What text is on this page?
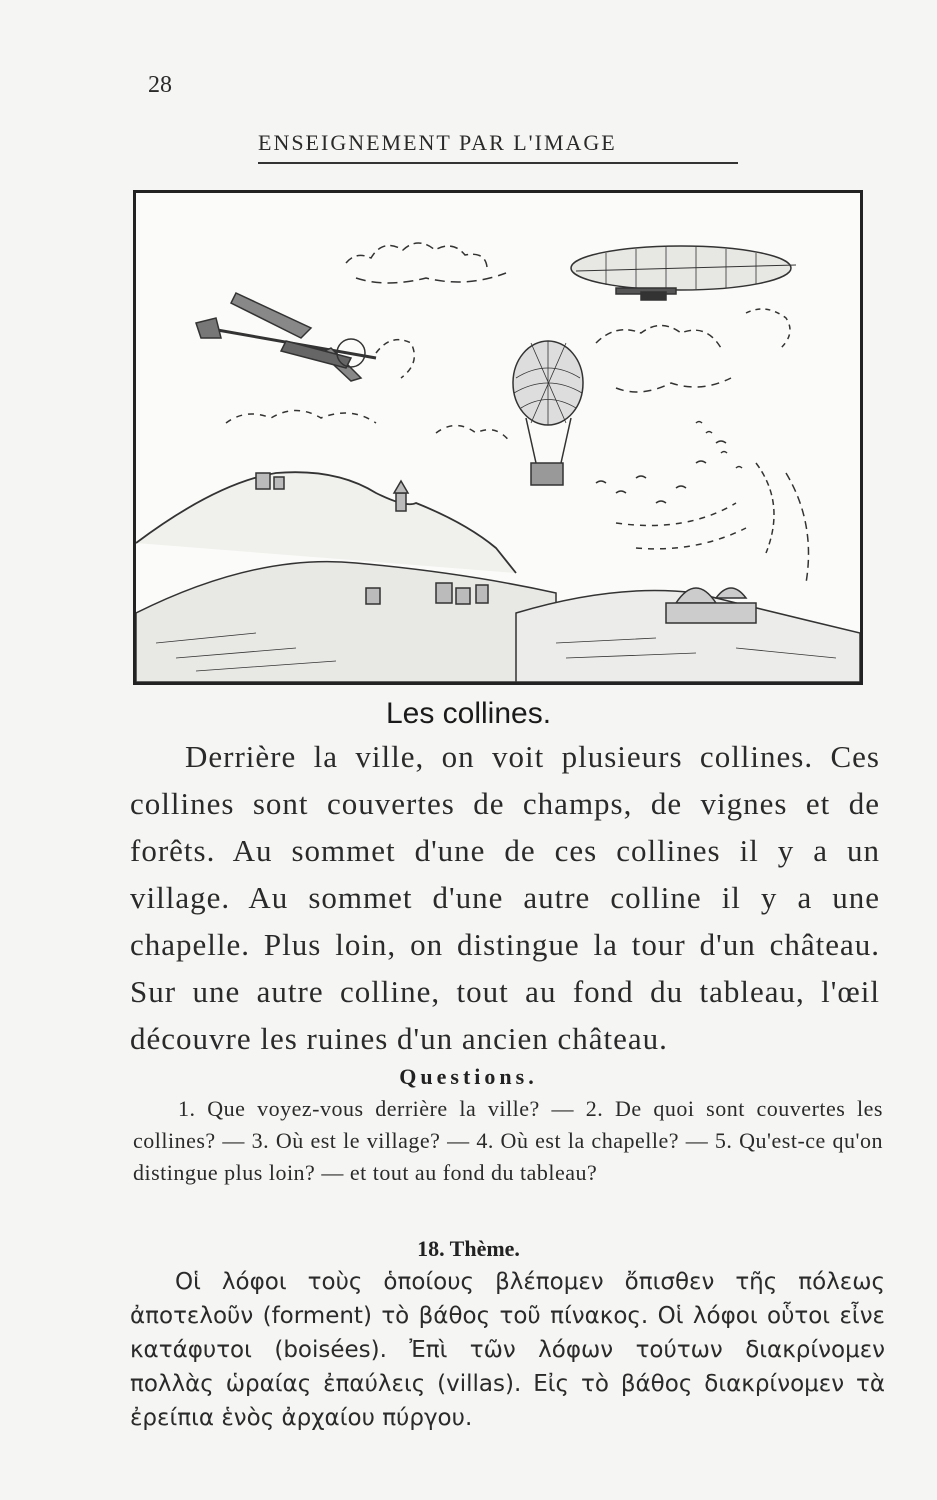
28
ENSEIGNEMENT PAR L'IMAGE
Les collines.
Derrière la ville, on voit plusieurs collines. Ces collines sont couvertes de champs, de vignes et de forêts. Au sommet d'une de ces collines il y a un village. Au sommet d'une autre colline il y a une chapelle. Plus loin, on distingue la tour d'un château. Sur une autre colline, tout au fond du tableau, l'œil découvre les ruines d'un ancien château.
Questions.
1. Que voyez-vous derrière la ville? — 2. De quoi sont couvertes les collines? — 3. Où est le village? — 4. Où est la chapelle? — 5. Qu'est-ce qu'on distingue plus loin? — et tout au fond du tableau?
18. Thème.
Οἱ λόφοι τοὺς ὁποίους βλέπομεν ὄπισθεν τῆς πόλεως ἀποτελοῦν (forment) τὸ βάθος τοῦ πίνακος. Οἱ λόφοι οὗτοι εἶνε κατάφυτοι (boisées). Ἐπὶ τῶν λόφων τούτων διακρίνομεν πολλὰς ὡραίας ἐπαύλεις (villas). Εἰς τὸ βάθος διακρίνομεν τὰ ἐρείπια ἑνὸς ἀρχαίου πύργου.
